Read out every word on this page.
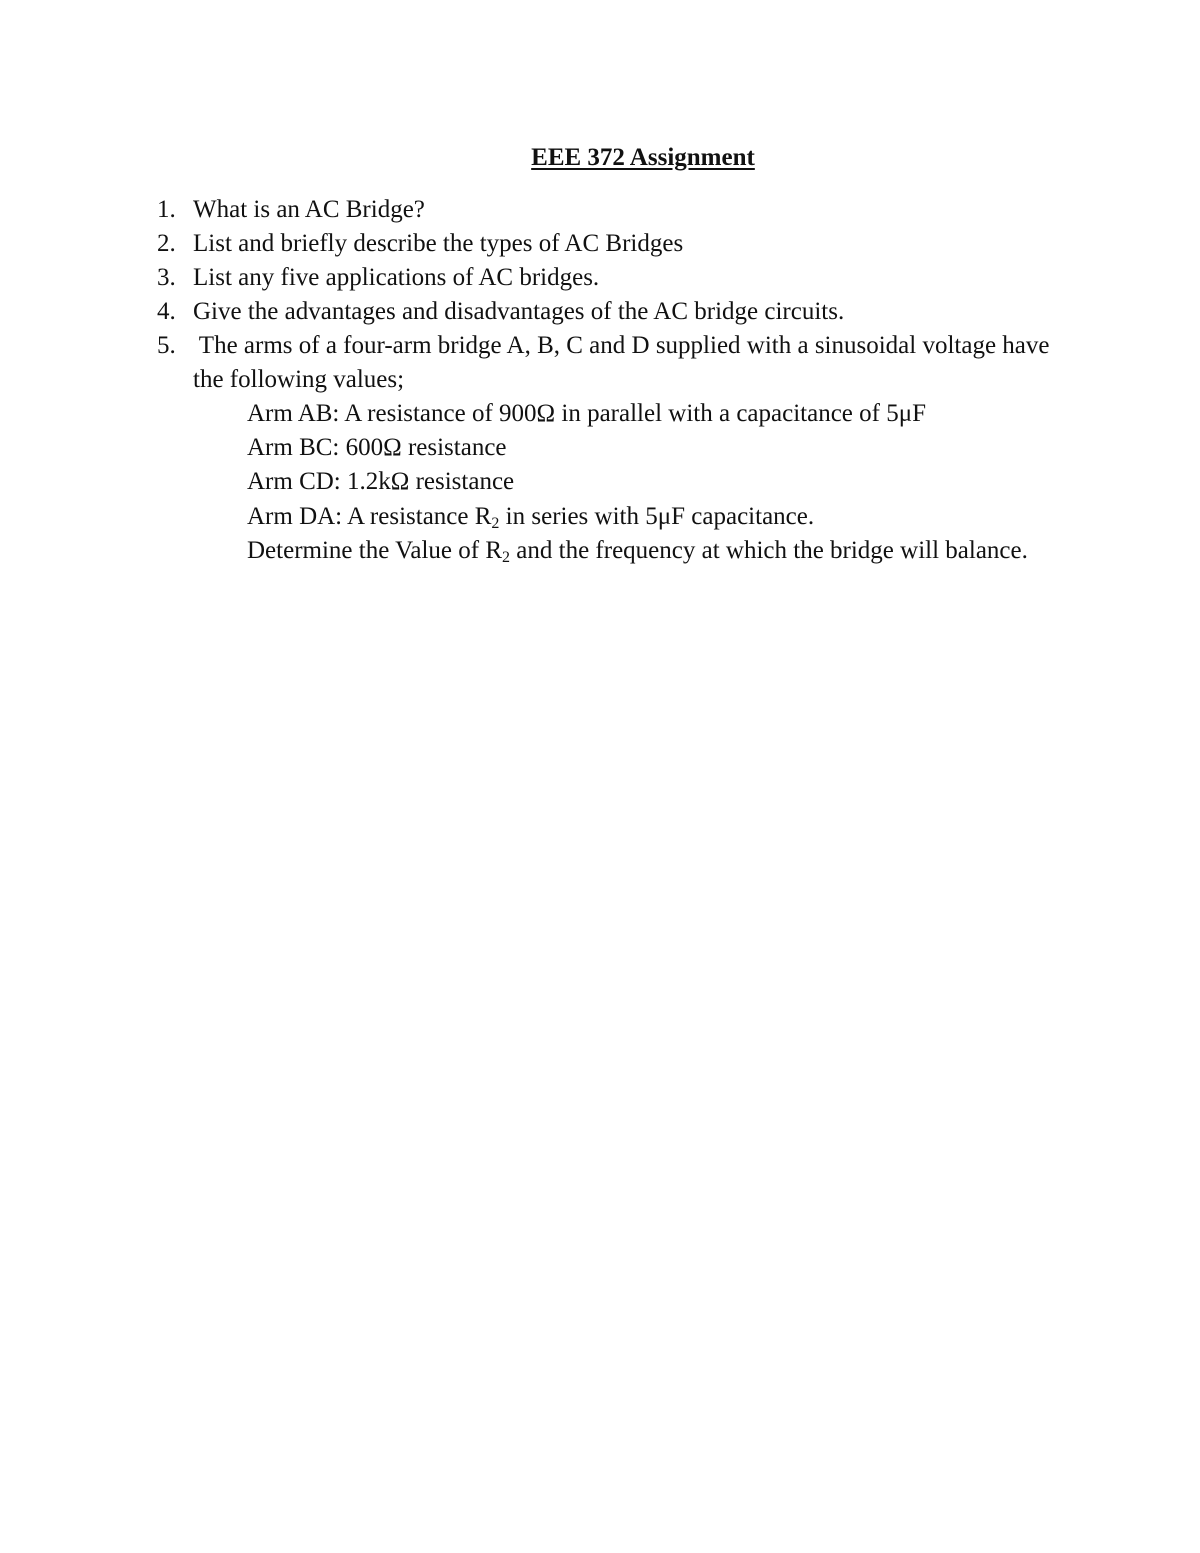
EEE 372 Assignment
1. What is an AC Bridge?
2. List and briefly describe the types of AC Bridges
3. List any five applications of AC bridges.
4. Give the advantages and disadvantages of the AC bridge circuits.
5. The arms of a four-arm bridge A, B, C and D supplied with a sinusoidal voltage have
the following values;
Arm AB: A resistance of 900Ω in parallel with a capacitance of 5μF
Arm BC: 600Ω resistance
Arm CD: 1.2kΩ resistance
Arm DA: A resistance $R_2$ in series with 5μF capacitance.
Determine the Value of $R_2$ and the frequency at which the bridge will balance.
